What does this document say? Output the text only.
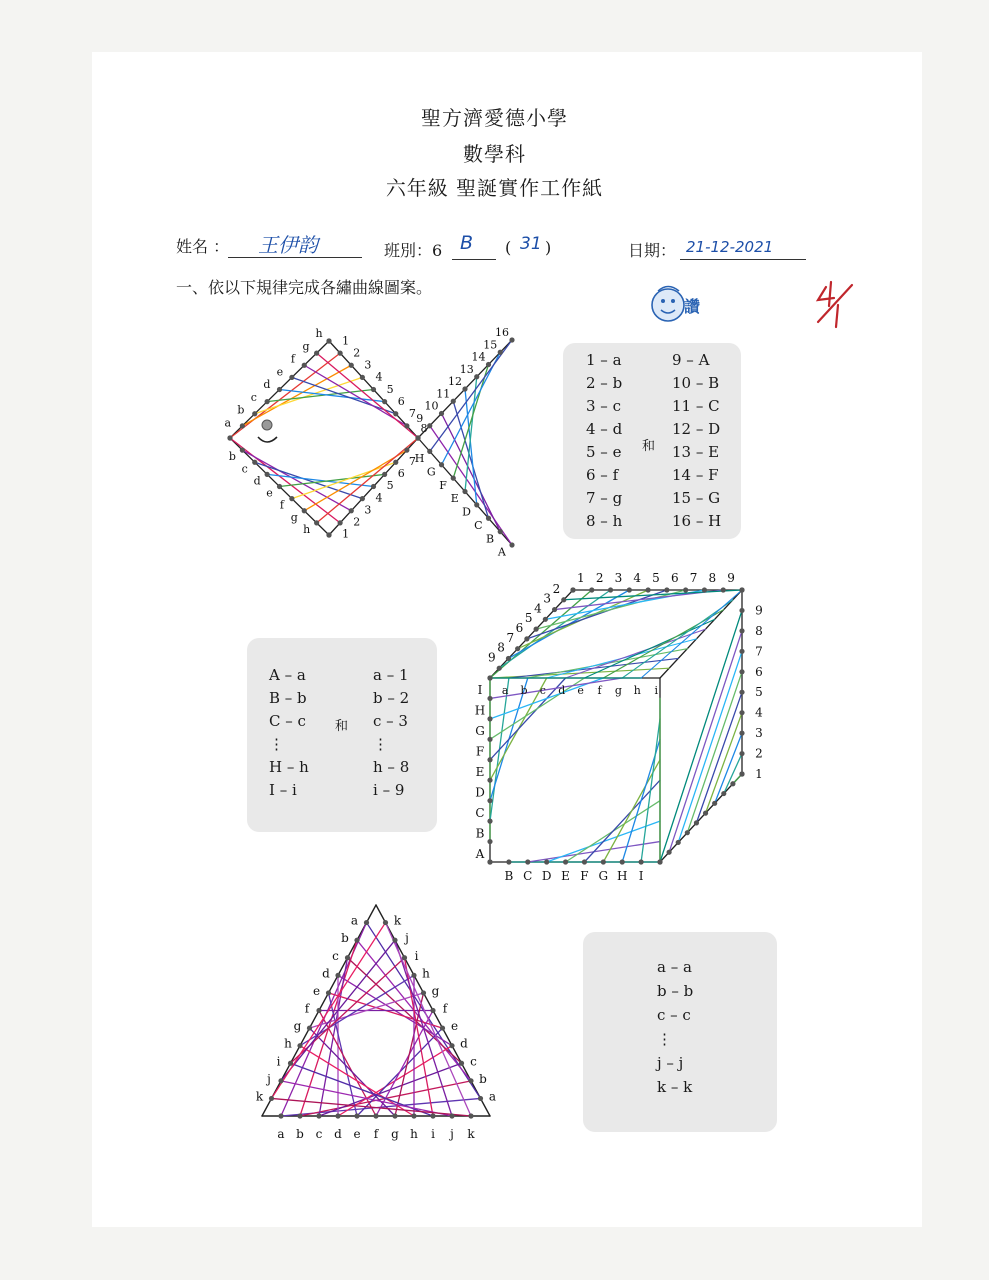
聖方濟愛德小學
數學科
六年級 聖誕實作工作紙
姓名 ： 王伊韵	班別：6 B ( 31 )	日期： 21-12-2021
一、依以下規律完成各繡曲線圖案。
讚
1 – a
2 – b
3 – c
4 – d
5 – e
6 – f
7 – g
8 – h
9 – A
10 – B
11 – C
12 – D
13 – E
14 – F
15 – G
16 – H
和
A – a
B – b
C – c
⋮
H – h
I – i
a – 1
b – 2
c – 3
⋮
h – 8
i – 9
和
a – a
b – b
c – c
⋮
j – j
k – k
h
g
f
e
d
c
b
a
b
c
d
e
f
g
h
1
2
3
4
5
6
7
1
2
3
4
5
6
7
8
9
10
11
12
13
14
15
16
H
G
F
E
D
C
B
A
1 2 3 4 5 6 7 8 9
2
3
4
5
6
7
8
9
9
8
7
6
5
4
3
2
1
I
H
G
F
E
D
C
B
A
B C D E F G H I
a b c d e f g h i
a b c d e f g h i j k
a
b
c
d
e
f
g
h
i
j
k
k
j
i
h
g
f
e
d
c
b
a
